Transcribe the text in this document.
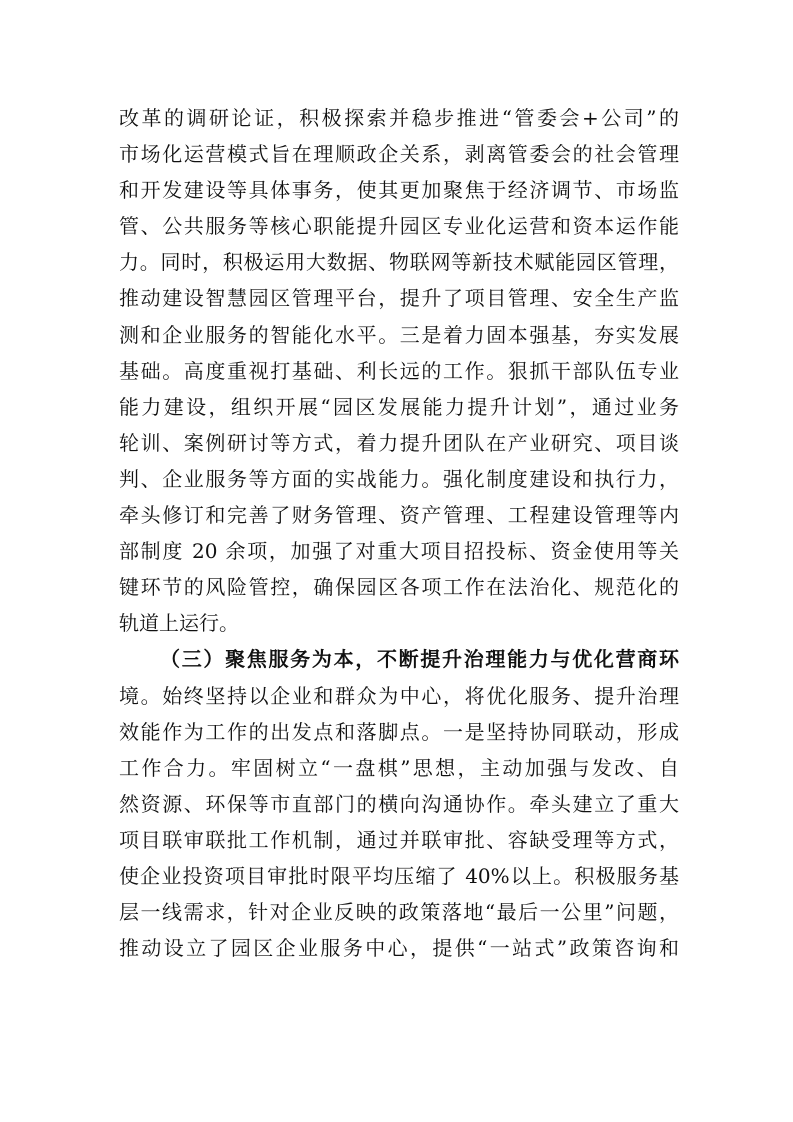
改革的调研论证，积极探索并稳步推进“管委会+公司”的
市场化运营模式旨在理顺政企关系，剥离管委会的社会管理
和开发建设等具体事务，使其更加聚焦于经济调节、市场监
管、公共服务等核心职能提升园区专业化运营和资本运作能
力。同时，积极运用大数据、物联网等新技术赋能园区管理，
推动建设智慧园区管理平台，提升了项目管理、安全生产监
测和企业服务的智能化水平。三是着力固本强基，夯实发展
基础。高度重视打基础、利长远的工作。狠抓干部队伍专业
能力建设，组织开展“园区发展能力提升计划”，通过业务
轮训、案例研讨等方式，着力提升团队在产业研究、项目谈
判、企业服务等方面的实战能力。强化制度建设和执行力，
牵头修订和完善了财务管理、资产管理、工程建设管理等内
部制度 20 余项，加强了对重大项目招投标、资金使用等关
键环节的风险管控，确保园区各项工作在法治化、规范化的
轨道上运行。
（三）聚焦服务为本，不断提升治理能力与优化营商环
境。始终坚持以企业和群众为中心，将优化服务、提升治理
效能作为工作的出发点和落脚点。一是坚持协同联动，形成
工作合力。牢固树立“一盘棋”思想，主动加强与发改、自
然资源、环保等市直部门的横向沟通协作。牵头建立了重大
项目联审联批工作机制，通过并联审批、容缺受理等方式，
使企业投资项目审批时限平均压缩了 40%以上。积极服务基
层一线需求，针对企业反映的政策落地“最后一公里”问题，
推动设立了园区企业服务中心，提供“一站式”政策咨询和
